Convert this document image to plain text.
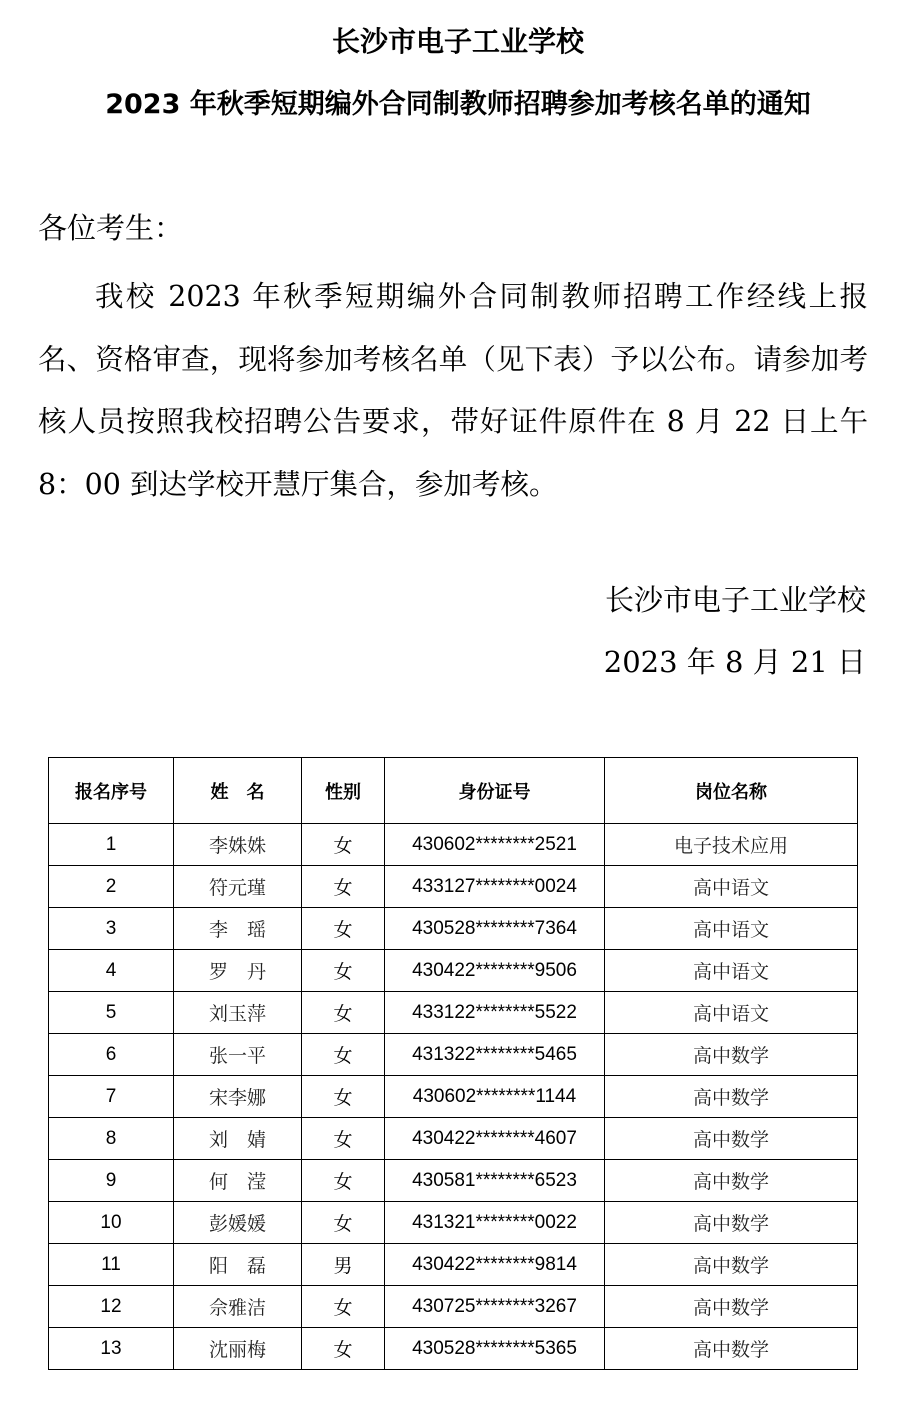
长沙市电子工业学校
2023 年秋季短期编外合同制教师招聘参加考核名单的通知
各位考生：

我校 2023 年秋季短期编外合同制教师招聘工作经线上报名、资格审查，现将参加考核名单（见下表）予以公布。请参加考核人员按照我校招聘公告要求，带好证件原件在 8 月 22 日上午 8：00 到达学校开慧厅集合，参加考核。

长沙市电子工业学校
2023 年 8 月 21 日
报名序号	姓　名	性别	身份证号	岗位名称
1	李姝姝	女	430602********2521	电子技术应用
2	符元瑾	女	433127********0024	高中语文
3	李　瑶	女	430528********7364	高中语文
4	罗　丹	女	430422********9506	高中语文
5	刘玉萍	女	433122********5522	高中语文
6	张一平	女	431322********5465	高中数学
7	宋李娜	女	430602********1144	高中数学
8	刘　婧	女	430422********4607	高中数学
9	何　滢	女	430581********6523	高中数学
10	彭媛媛	女	431321********0022	高中数学
11	阳　磊	男	430422********9814	高中数学
12	佘雅洁	女	430725********3267	高中数学
13	沈丽梅	女	430528********5365	高中数学
